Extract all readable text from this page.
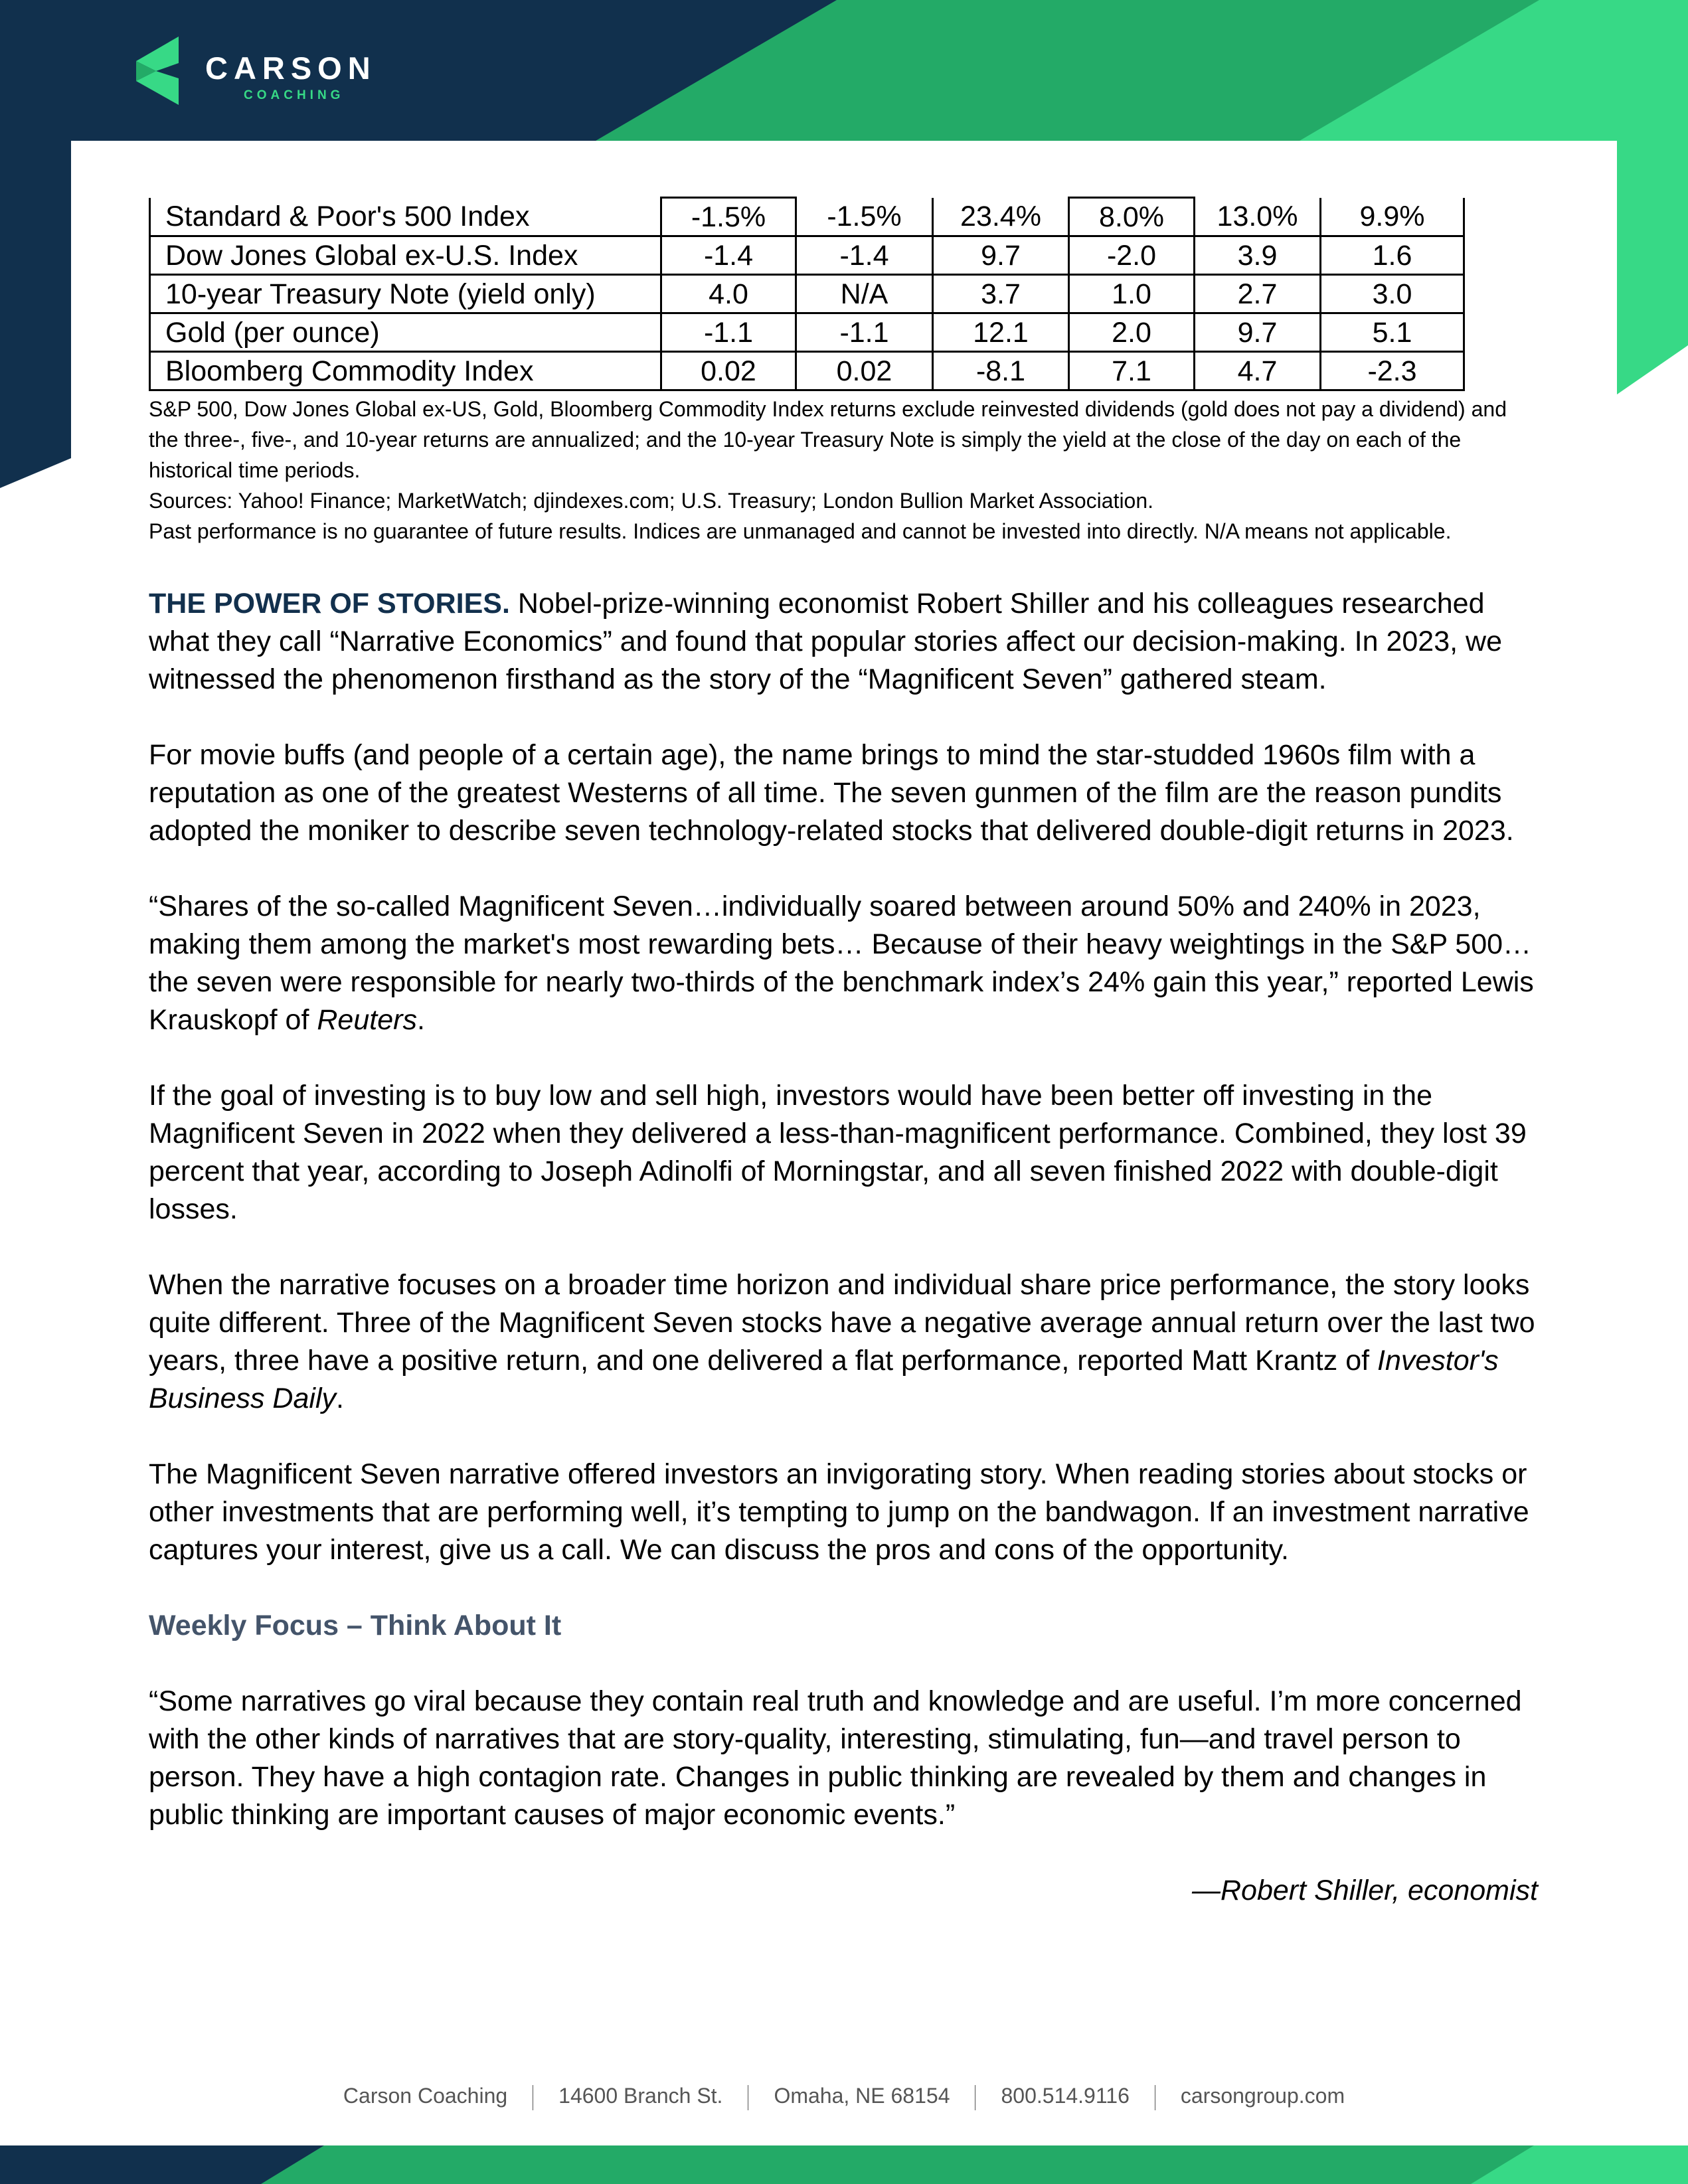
CARSON
COACHING
Standard & Poor's 500 Index	-1.5%	-1.5%	23.4%	8.0%	13.0%	9.9%
Dow Jones Global ex-U.S. Index	-1.4	-1.4	9.7	-2.0	3.9	1.6
10-year Treasury Note (yield only)	4.0	N/A	3.7	1.0	2.7	3.0
Gold (per ounce)	-1.1	-1.1	12.1	2.0	9.7	5.1
Bloomberg Commodity Index	0.02	0.02	-8.1	7.1	4.7	-2.3

S&P 500, Dow Jones Global ex-US, Gold, Bloomberg Commodity Index returns exclude reinvested dividends (gold does not pay a dividend) and the three-, five-, and 10-year returns are annualized; and the 10-year Treasury Note is simply the yield at the close of the day on each of the historical time periods.

Sources: Yahoo! Finance; MarketWatch; djindexes.com; U.S. Treasury; London Bullion Market Association.

Past performance is no guarantee of future results. Indices are unmanaged and cannot be invested into directly. N/A means not applicable.

THE POWER OF STORIES. Nobel-prize-winning economist Robert Shiller and his colleagues researched what they call “Narrative Economics” and found that popular stories affect our decision-making. In 2023, we witnessed the phenomenon firsthand as the story of the “Magnificent Seven” gathered steam.

For movie buffs (and people of a certain age), the name brings to mind the star-studded 1960s film with a reputation as one of the greatest Westerns of all time. The seven gunmen of the film are the reason pundits adopted the moniker to describe seven technology-related stocks that delivered double-digit returns in 2023.

“Shares of the so-called Magnificent Seven…individually soared between around 50% and 240% in 2023, making them among the market's most rewarding bets… Because of their heavy weightings in the S&P 500…the seven were responsible for nearly two-thirds of the benchmark index’s 24% gain this year,” reported Lewis Krauskopf of Reuters.

If the goal of investing is to buy low and sell high, investors would have been better off investing in the Magnificent Seven in 2022 when they delivered a less-than-magnificent performance. Combined, they lost 39 percent that year, according to Joseph Adinolfi of Morningstar, and all seven finished 2022 with double-digit losses.

When the narrative focuses on a broader time horizon and individual share price performance, the story looks quite different. Three of the Magnificent Seven stocks have a negative average annual return over the last two years, three have a positive return, and one delivered a flat performance, reported Matt Krantz of Investor's Business Daily.

The Magnificent Seven narrative offered investors an invigorating story. When reading stories about stocks or other investments that are performing well, it’s tempting to jump on the bandwagon. If an investment narrative captures your interest, give us a call. We can discuss the pros and cons of the opportunity.

Weekly Focus – Think About It

“Some narratives go viral because they contain real truth and knowledge and are useful. I’m more concerned with the other kinds of narratives that are story-quality, interesting, stimulating, fun—and travel person to person. They have a high contagion rate. Changes in public thinking are revealed by them and changes in public thinking are important causes of major economic events.”

—Robert Shiller, economist

Carson Coaching 14600 Branch St. Omaha, NE 68154 800.514.9116 carsongroup.com
